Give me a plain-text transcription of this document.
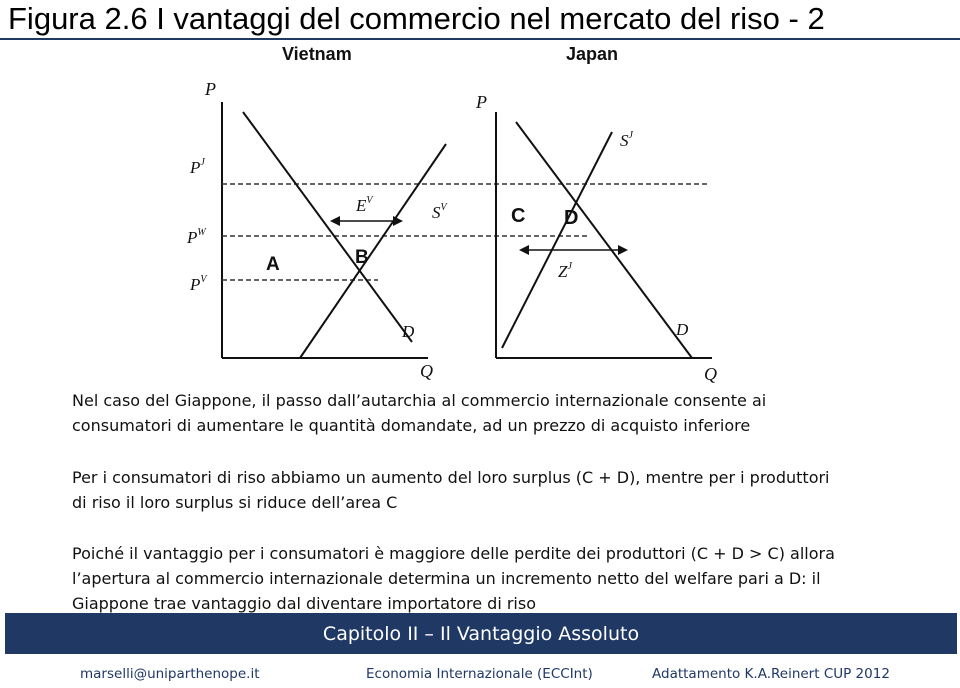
Figura 2.6 I vantaggi del commercio nel mercato del riso - 2
Vietnam	Japan
P
Q
$P^J$
$P^W$
$P^V$
$S^V$
D
$E^V$
A	B
P
Q
$S^J$
D
C D
$Z^J$
Nel caso del Giappone, il passo dall’autarchia al commercio internazionale consente ai
consumatori di aumentare le quantità domandate, ad un prezzo di acquisto inferiore
Per i consumatori di riso abbiamo un aumento del loro surplus (C + D), mentre per i produttori
di riso il loro surplus si riduce dell’area C
Poiché il vantaggio per i consumatori è maggiore delle perdite dei produttori (C + D > C) allora
l’apertura al commercio internazionale determina un incremento netto del welfare pari a D: il
Giappone trae vantaggio dal diventare importatore di riso
Capitolo II – Il Vantaggio Assoluto
marselli@uniparthenope.it	Economia Internazionale (ECCInt)	Adattamento K.A.Reinert CUP 2012
